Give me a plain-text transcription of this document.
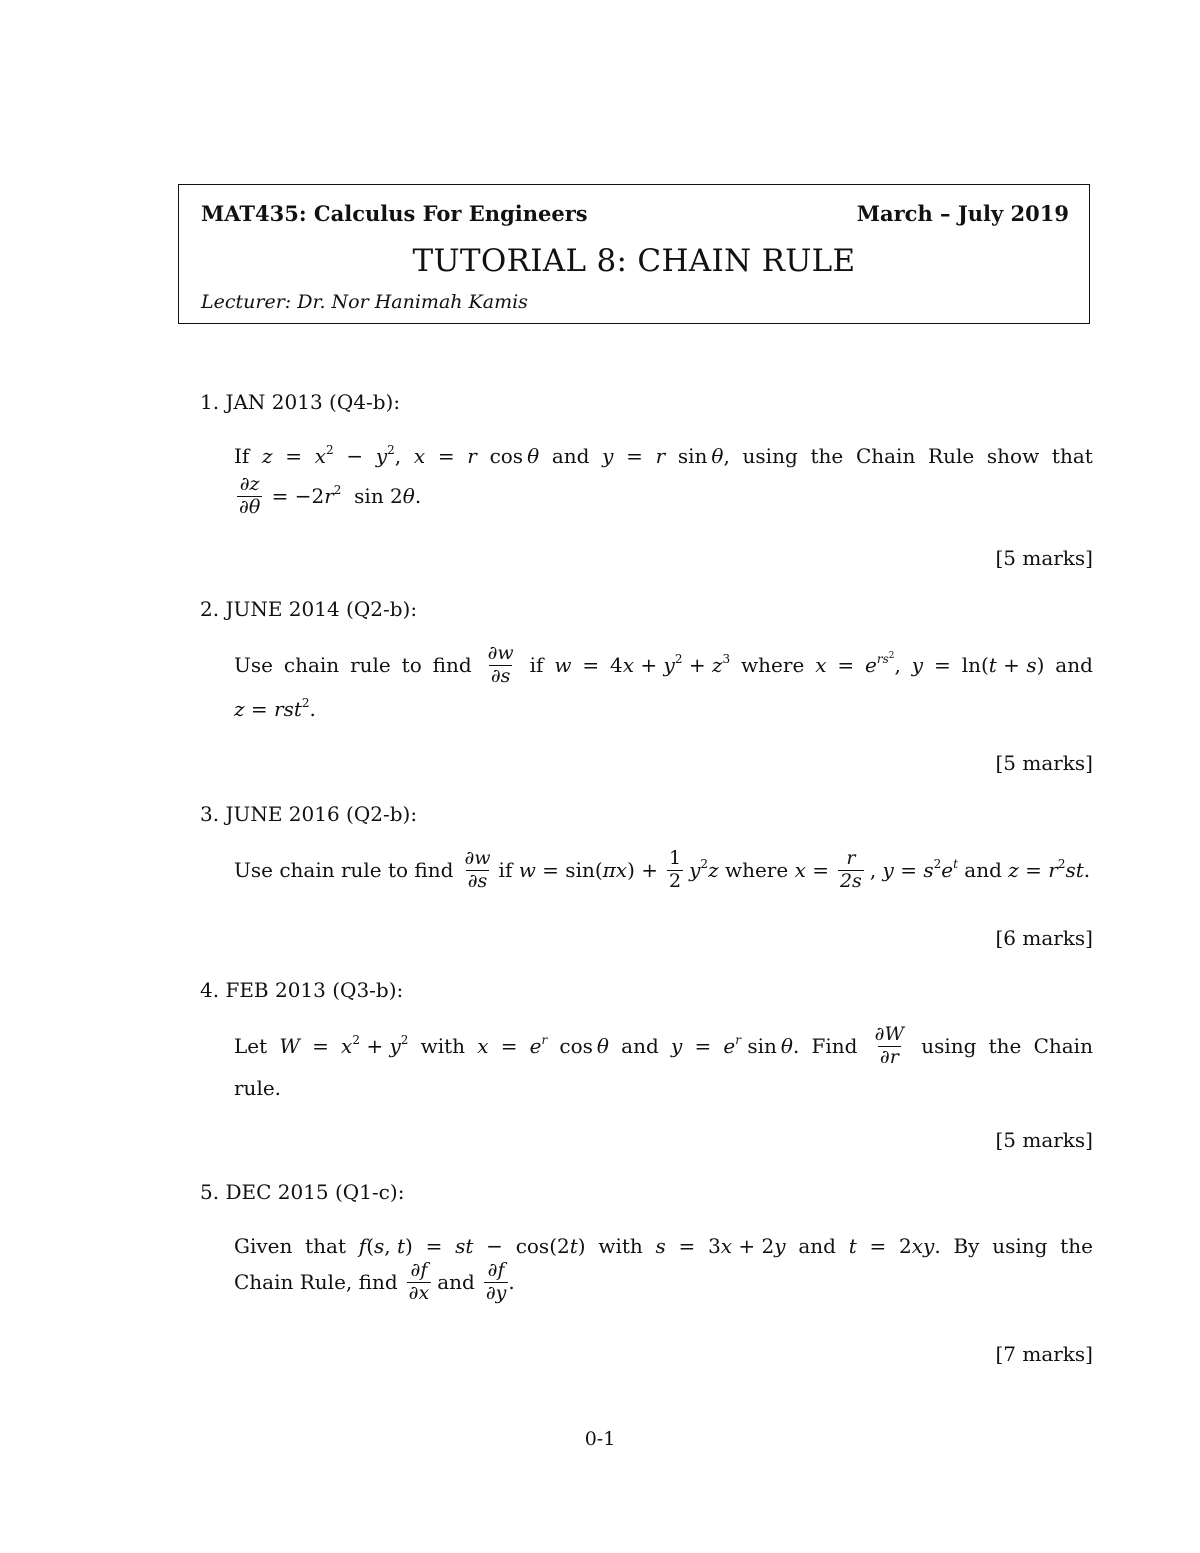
MAT435: Calculus For Engineers	March – July 2019
TUTORIAL 8: CHAIN RULE
Lecturer: Dr. Nor Hanimah Kamis
1. JAN 2013 (Q4-b):
If $z = x^2 - y^2$, x = r cos θ and y = r sin θ, using the Chain Rule show that
$\frac{\partial z}{\partial\theta} = -2r^2$  sin 2θ.
[5 marks]
2. JUNE 2014 (Q2-b):
Use chain rule to find $\frac{\partial w}{\partial s}$ if $w = 4x + y^2 + z^3$ where $x = e^{rs^2}$, y = ln(t + s) and
z = rst$^2$.
[5 marks]
3. JUNE 2016 (Q2-b):
Use chain rule to find $\frac{\partial w}{\partial s}$ if $w = \sin(\pi x) + \frac{1}{2} y^2z$ where $x = \frac{r}{2s}$ , $y = s^2e^t$ and $z = r^2st$.
[6 marks]
4. FEB 2013 (Q3-b):
Let $W = x^2 + y^2$ with $x = e^r$ cos θ and $y = e^r$ sin θ. Find $\frac{\partial W}{\partial r}$ using the Chain
rule.
[5 marks]
5. DEC 2015 (Q1-c):
Given that f(s, t) = st − cos(2t) with s = 3x + 2y and t = 2xy. By using the
Chain Rule, find $\frac{\partial f}{\partial x}$ and $\frac{\partial f}{\partial y}$ .
[7 marks]
0-1
